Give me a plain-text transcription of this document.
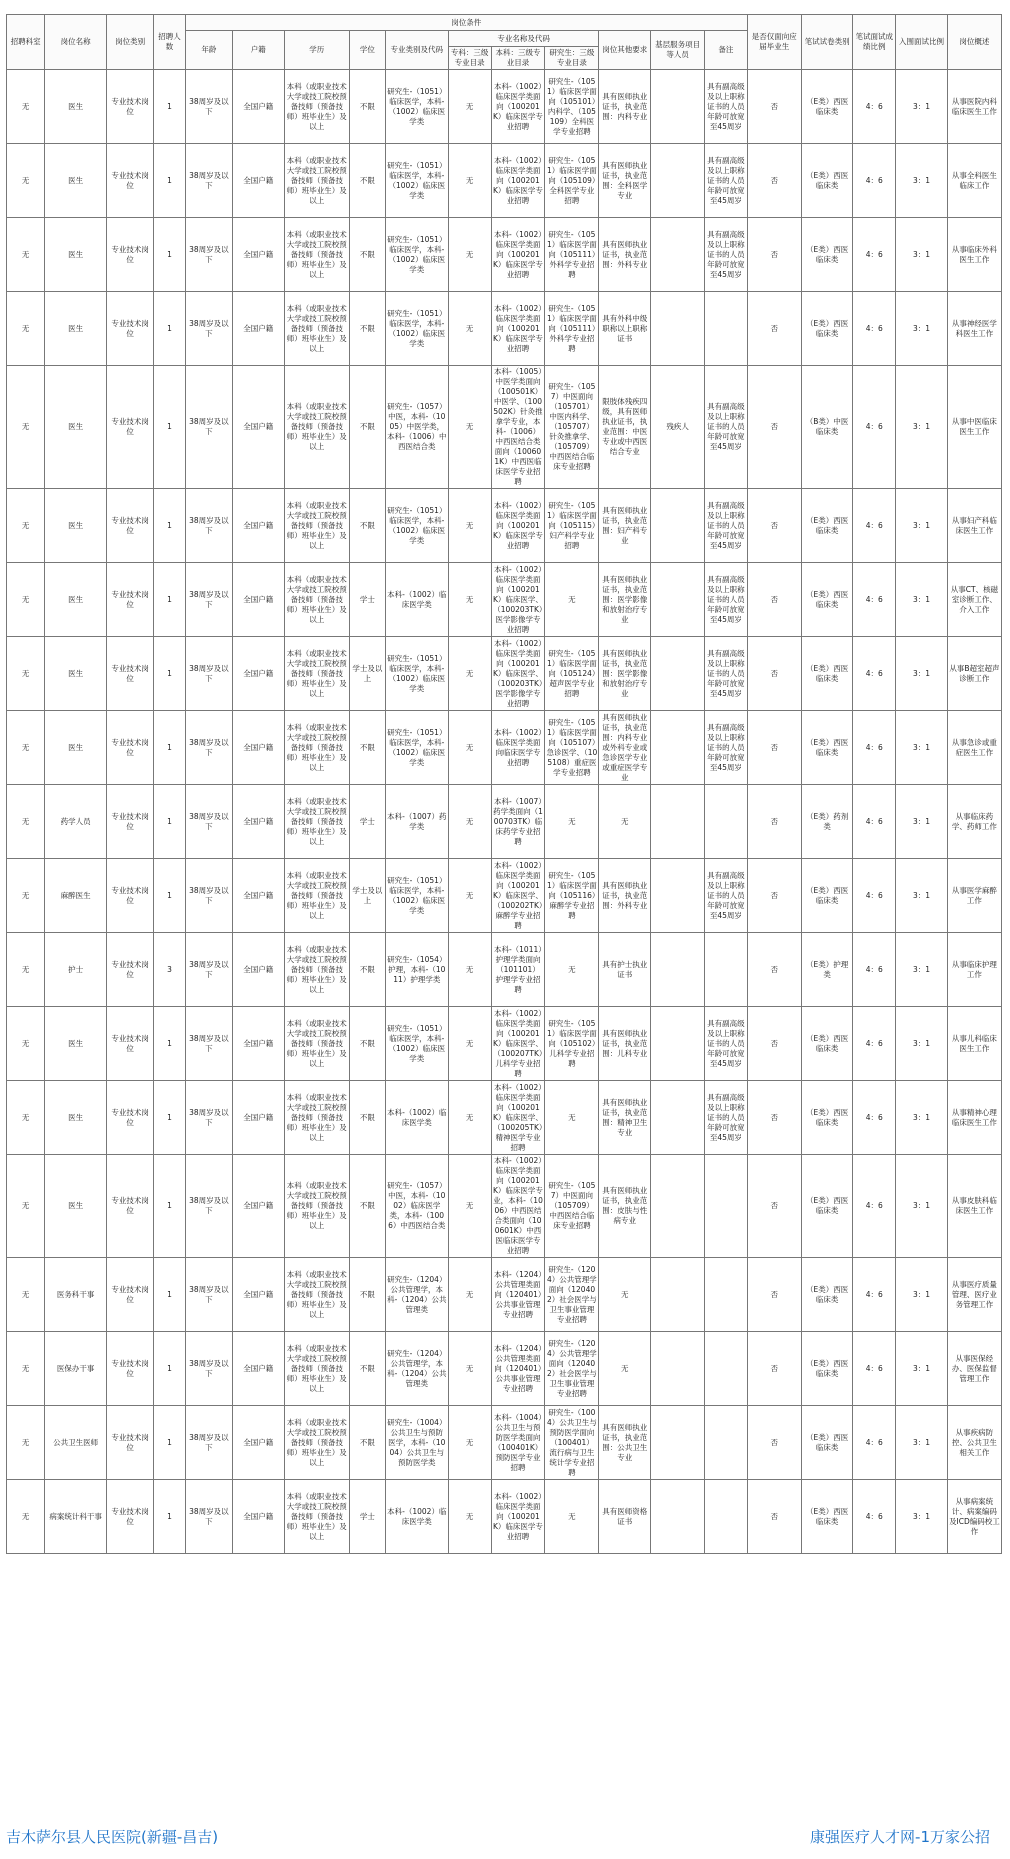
招聘科室	岗位名称	岗位类别	招聘人数	岗位条件											是否仅面向应届毕业生	笔试试卷类别	笔试面试成绩比例	入围面试比例	岗位概述
				年龄	户籍	学历	学位	专业类别及代码	专业名称及代码			岗位其他要求	基层服务项目等人员	备注					
									专科：三级专业目录	本科：三级专业目录	研究生：三级专业目录								
无	医生	专业技术岗位	1	38周岁及以下	全国户籍	本科（或职业技术大学或技工院校预备技师（预备技师）班毕业生）及以上	不限	研究生-（1051）临床医学，本科-（1002）临床医学类	无	本科-（1002）临床医学类面向（100201K）临床医学专业招聘	研究生-（1051）临床医学面向（105101）内科学、（105109）全科医学专业招聘	具有医师执业证书，执业范围：内科专业		具有副高级及以上职称证书的人员年龄可放宽至45周岁	否	（E类）西医临床类	4：6	3：1	从事医院内科临床医生工作
无	医生	专业技术岗位	1	38周岁及以下	全国户籍	本科（或职业技术大学或技工院校预备技师（预备技师）班毕业生）及以上	不限	研究生-（1051）临床医学，本科-（1002）临床医学类	无	本科-（1002）临床医学类面向（100201K）临床医学专业招聘	研究生-（1051）临床医学面向（105109）全科医学专业招聘	具有医师执业证书，执业范围：全科医学专业		具有副高级及以上职称证书的人员年龄可放宽至45周岁	否	（E类）西医临床类	4：6	3：1	从事全科医生临床工作
无	医生	专业技术岗位	1	38周岁及以下	全国户籍	本科（或职业技术大学或技工院校预备技师（预备技师）班毕业生）及以上	不限	研究生-（1051）临床医学，本科-（1002）临床医学类	无	本科-（1002）临床医学类面向（100201K）临床医学专业招聘	研究生-（1051）临床医学面向（105111）外科学专业招聘	具有医师执业证书，执业范围：外科专业		具有副高级及以上职称证书的人员年龄可放宽至45周岁	否	（E类）西医临床类	4：6	3：1	从事临床外科医生工作
无	医生	专业技术岗位	1	38周岁及以下	全国户籍	本科（或职业技术大学或技工院校预备技师（预备技师）班毕业生）及以上	不限	研究生-（1051）临床医学，本科-（1002）临床医学类	无	本科-（1002）临床医学类面向（100201K）临床医学专业招聘	研究生-（1051）临床医学面向（105111）外科学专业招聘	具有外科中级职称以上职称证书			否	（E类）西医临床类	4：6	3：1	从事神经医学科医生工作
无	医生	专业技术岗位	1	38周岁及以下	全国户籍	本科（或职业技术大学或技工院校预备技师（预备技师）班毕业生）及以上	不限	研究生-（1057）中医，本科-（1005）中医学类，本科-（1006）中西医结合类	无	本科-（1005）中医学类面向（100501K）中医学、（100502K）针灸推拿学专业，本科-（1006）中西医结合类面向（100601K）中西医临床医学专业招聘	研究生-（1057）中医面向（105701）中医内科学、（105707）针灸推拿学、（105709）中西医结合临床专业招聘	限肢体残疾四级，具有医师执业证书，执业范围：中医专业或中西医结合专业	残疾人	具有副高级及以上职称证书的人员年龄可放宽至45周岁	否	（B类）中医临床类	4：6	3：1	从事中医临床医生工作
无	医生	专业技术岗位	1	38周岁及以下	全国户籍	本科（或职业技术大学或技工院校预备技师（预备技师）班毕业生）及以上	不限	研究生-（1051）临床医学，本科-（1002）临床医学类	无	本科-（1002）临床医学类面向（100201K）临床医学专业招聘	研究生-（1051）临床医学面向（105115）妇产科学专业招聘	具有医师执业证书，执业范围：妇产科专业		具有副高级及以上职称证书的人员年龄可放宽至45周岁	否	（E类）西医临床类	4：6	3：1	从事妇产科临床医生工作
无	医生	专业技术岗位	1	38周岁及以下	全国户籍	本科（或职业技术大学或技工院校预备技师（预备技师）班毕业生）及以上	学士	本科-（1002）临床医学类	无	本科-（1002）临床医学类面向（100201K）临床医学、（100203TK）医学影像学专业招聘	无	具有医师执业证书，执业范围：医学影像和放射治疗专业		具有副高级及以上职称证书的人员年龄可放宽至45周岁	否	（E类）西医临床类	4：6	3：1	从事CT、核磁室诊断工作、介入工作
无	医生	专业技术岗位	1	38周岁及以下	全国户籍	本科（或职业技术大学或技工院校预备技师（预备技师）班毕业生）及以上	学士及以上	研究生-（1051）临床医学，本科-（1002）临床医学类	无	本科-（1002）临床医学类面向（100201K）临床医学、（100203TK）医学影像学专业招聘	研究生-（1051）临床医学面向（105124）超声医学专业招聘	具有医师执业证书，执业范围：医学影像和放射治疗专业		具有副高级及以上职称证书的人员年龄可放宽至45周岁	否	（E类）西医临床类	4：6	3：1	从事B超室超声诊断工作
无	医生	专业技术岗位	1	38周岁及以下	全国户籍	本科（或职业技术大学或技工院校预备技师（预备技师）班毕业生）及以上	不限	研究生-（1051）临床医学，本科-（1002）临床医学类	无	本科-（1002）临床医学类面向临床医学专业招聘	研究生-（1051）临床医学面向（105107）急诊医学、（105108）重症医学专业招聘	具有医师执业证书，执业范围：内科专业或外科专业或急诊医学专业或重症医学专业		具有副高级及以上职称证书的人员年龄可放宽至45周岁	否	（E类）西医临床类	4：6	3：1	从事急诊或重症医生工作
无	药学人员	专业技术岗位	1	38周岁及以下	全国户籍	本科（或职业技术大学或技工院校预备技师（预备技师）班毕业生）及以上	学士	本科-（1007）药学类	无	本科-（1007）药学类面向（100703TK）临床药学专业招聘	无	无			否	（E类）药剂类	4：6	3：1	从事临床药学、药师工作
无	麻醉医生	专业技术岗位	1	38周岁及以下	全国户籍	本科（或职业技术大学或技工院校预备技师（预备技师）班毕业生）及以上	学士及以上	研究生-（1051）临床医学，本科-（1002）临床医学类	无	本科-（1002）临床医学类面向（100201K）临床医学、（100202TK）麻醉学专业招聘	研究生-（1051）临床医学面向（105116）麻醉学专业招聘	具有医师执业证书，执业范围：外科专业		具有副高级及以上职称证书的人员年龄可放宽至45周岁	否	（E类）西医临床类	4：6	3：1	从事医学麻醉工作
无	护士	专业技术岗位	3	38周岁及以下	全国户籍	本科（或职业技术大学或技工院校预备技师（预备技师）班毕业生）及以上	不限	研究生-（1054）护理，本科-（1011）护理学类	无	本科-（1011）护理学类面向（101101）护理学专业招聘	无	具有护士执业证书			否	（E类）护理类	4：6	3：1	从事临床护理工作
无	医生	专业技术岗位	1	38周岁及以下	全国户籍	本科（或职业技术大学或技工院校预备技师（预备技师）班毕业生）及以上	不限	研究生-（1051）临床医学，本科-（1002）临床医学类	无	本科-（1002）临床医学类面向（100201K）临床医学、（100207TK）儿科学专业招聘	研究生-（1051）临床医学面向（105102）儿科学专业招聘	具有医师执业证书，执业范围：儿科专业		具有副高级及以上职称证书的人员年龄可放宽至45周岁	否	（E类）西医临床类	4：6	3：1	从事儿科临床医生工作
无	医生	专业技术岗位	1	38周岁及以下	全国户籍	本科（或职业技术大学或技工院校预备技师（预备技师）班毕业生）及以上	不限	本科-（1002）临床医学类	无	本科-（1002）临床医学类面向（100201K）临床医学、（100205TK）精神医学专业招聘	无	具有医师执业证书，执业范围：精神卫生专业		具有副高级及以上职称证书的人员年龄可放宽至45周岁	否	（E类）西医临床类	4：6	3：1	从事精神心理临床医生工作
无	医生	专业技术岗位	1	38周岁及以下	全国户籍	本科（或职业技术大学或技工院校预备技师（预备技师）班毕业生）及以上	不限	研究生-（1057）中医，本科-（1002）临床医学类，本科-（1006）中西医结合类	无	本科-（1002）临床医学类面向（100201K）临床医学专业，本科-（1006）中西医结合类面向（100601K）中西医临床医学专业招聘	研究生-（1057）中医面向（105709）中西医结合临床专业招聘	具有医师执业证书，执业范围：皮肤与性病专业			否	（E类）西医临床类	4：6	3：1	从事皮肤科临床医生工作
无	医务科干事	专业技术岗位	1	38周岁及以下	全国户籍	本科（或职业技术大学或技工院校预备技师（预备技师）班毕业生）及以上	不限	研究生-（1204）公共管理学，本科-（1204）公共管理类	无	本科-（1204）公共管理类面向（120401）公共事业管理专业招聘	研究生-（1204）公共管理学面向（120402）社会医学与卫生事业管理专业招聘	无			否	（E类）西医临床类	4：6	3：1	从事医疗质量管理、医疗业务管理工作
无	医保办干事	专业技术岗位	1	38周岁及以下	全国户籍	本科（或职业技术大学或技工院校预备技师（预备技师）班毕业生）及以上	不限	研究生-（1204）公共管理学，本科-（1204）公共管理类	无	本科-（1204）公共管理类面向（120401）公共事业管理专业招聘	研究生-（1204）公共管理学面向（120402）社会医学与卫生事业管理专业招聘	无			否	（E类）西医临床类	4：6	3：1	从事医保经办、医保监督管理工作
无	公共卫生医师	专业技术岗位	1	38周岁及以下	全国户籍	本科（或职业技术大学或技工院校预备技师（预备技师）班毕业生）及以上	不限	研究生-（1004）公共卫生与预防医学，本科-（1004）公共卫生与预防医学类	无	本科-（1004）公共卫生与预防医学类面向（100401K）预防医学专业招聘	研究生-（1004）公共卫生与预防医学面向（100401）流行病与卫生统计学专业招聘	具有医师执业证书，执业范围：公共卫生专业			否	（E类）西医临床类	4：6	3：1	从事疾病防控、公共卫生相关工作
无	病案统计科干事	专业技术岗位	1	38周岁及以下	全国户籍	本科（或职业技术大学或技工院校预备技师（预备技师）班毕业生）及以上	学士	本科-（1002）临床医学类	无	本科-（1002）临床医学类面向（100201K）临床医学专业招聘	无	具有医师资格证书			否	（E类）西医临床类	4：6	3：1	从事病案统计、病案编码及ICD编码校工作
吉木萨尔县人民医院(新疆-昌吉)	康强医疗人才网-1万家公招
